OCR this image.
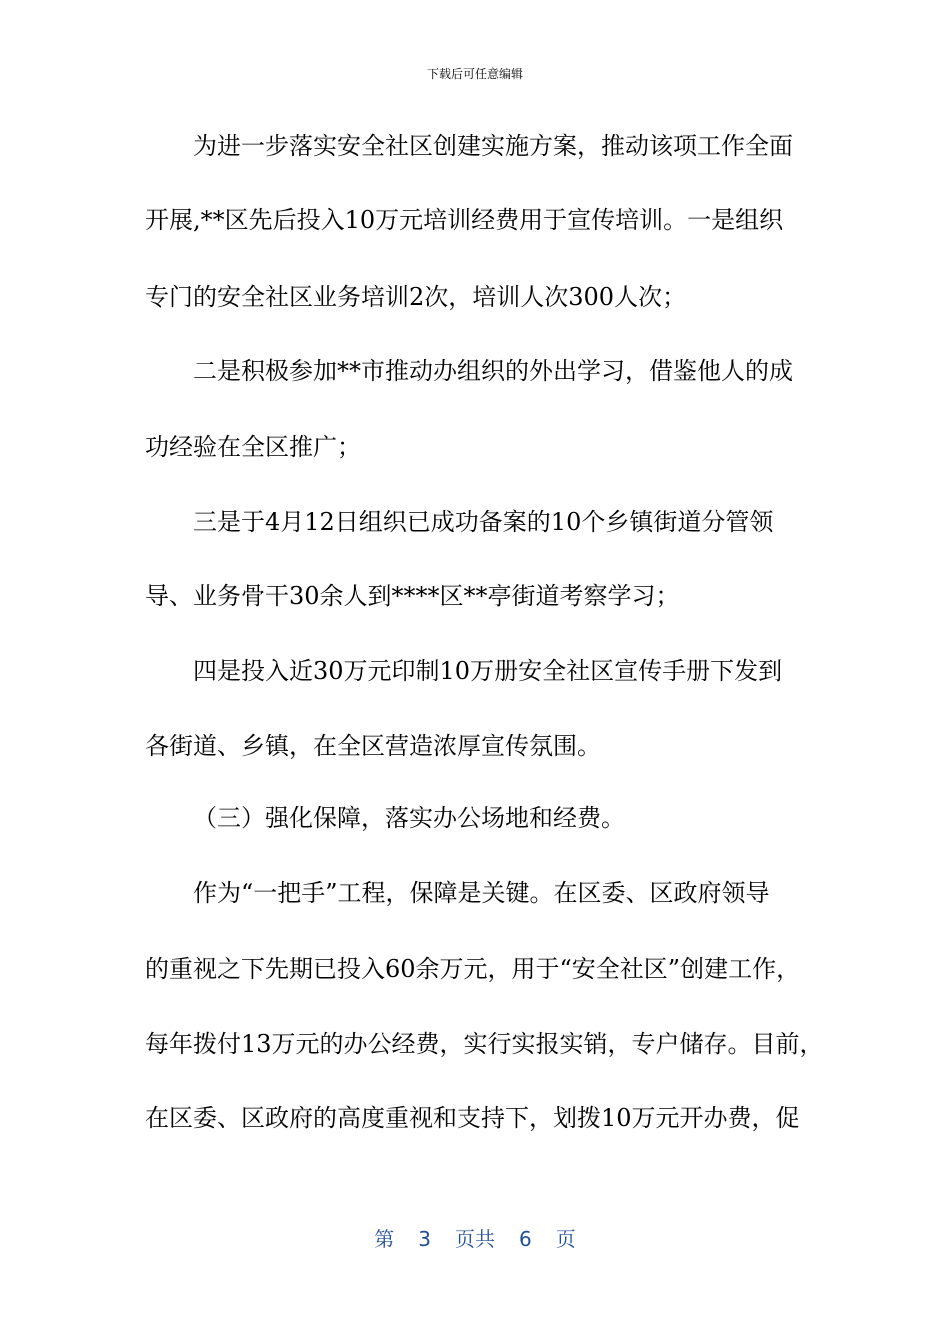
下载后可任意编辑
为进一步落实安全社区创建实施方案，推动该项工作全面
开展,**区先后投入10万元培训经费用于宣传培训。一是组织
专门的安全社区业务培训2次，培训人次300人次；
二是积极参加**市推动办组织的外出学习，借鉴他人的成
功经验在全区推广；
三是于4月12日组织已成功备案的10个乡镇街道分管领
导、业务骨干30余人到****区**亭街道考察学习；
四是投入近30万元印制10万册安全社区宣传手册下发到
各街道、乡镇，在全区营造浓厚宣传氛围。
（三）强化保障，落实办公场地和经费。
作为“一把手”工程，保障是关键。在区委、区政府领导
的重视之下先期已投入60余万元，用于“安全社区”创建工作，
每年拨付13万元的办公经费，实行实报实销，专户储存。目前，
在区委、区政府的高度重视和支持下，划拨10万元开办费，促
第 3 页共 6 页
